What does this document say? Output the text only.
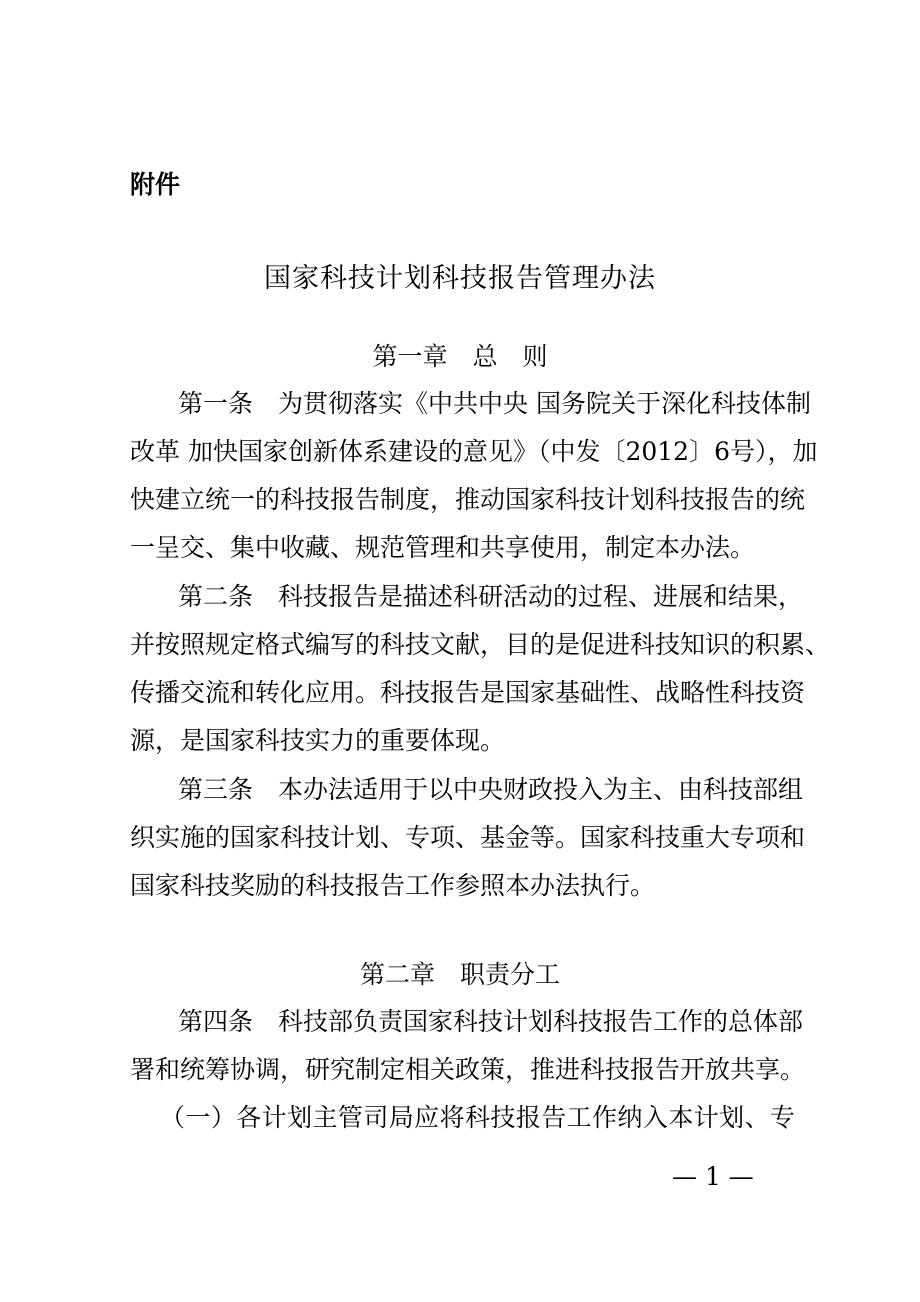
附件
国家科技计划科技报告管理办法
第一章　总　则
第一条　为贯彻落实《中共中央 国务院关于深化科技体制
改革 加快国家创新体系建设的意见》（中发〔2012〕6号），加
快建立统一的科技报告制度，推动国家科技计划科技报告的统
一呈交、集中收藏、规范管理和共享使用，制定本办法。
第二条　科技报告是描述科研活动的过程、进展和结果，
并按照规定格式编写的科技文献，目的是促进科技知识的积累、
传播交流和转化应用。科技报告是国家基础性、战略性科技资
源，是国家科技实力的重要体现。
第三条　本办法适用于以中央财政投入为主、由科技部组
织实施的国家科技计划、专项、基金等。国家科技重大专项和
国家科技奖励的科技报告工作参照本办法执行。
第二章　职责分工
第四条　科技部负责国家科技计划科技报告工作的总体部
署和统筹协调，研究制定相关政策，推进科技报告开放共享。
（一）各计划主管司局应将科技报告工作纳入本计划、专
— 1 —
